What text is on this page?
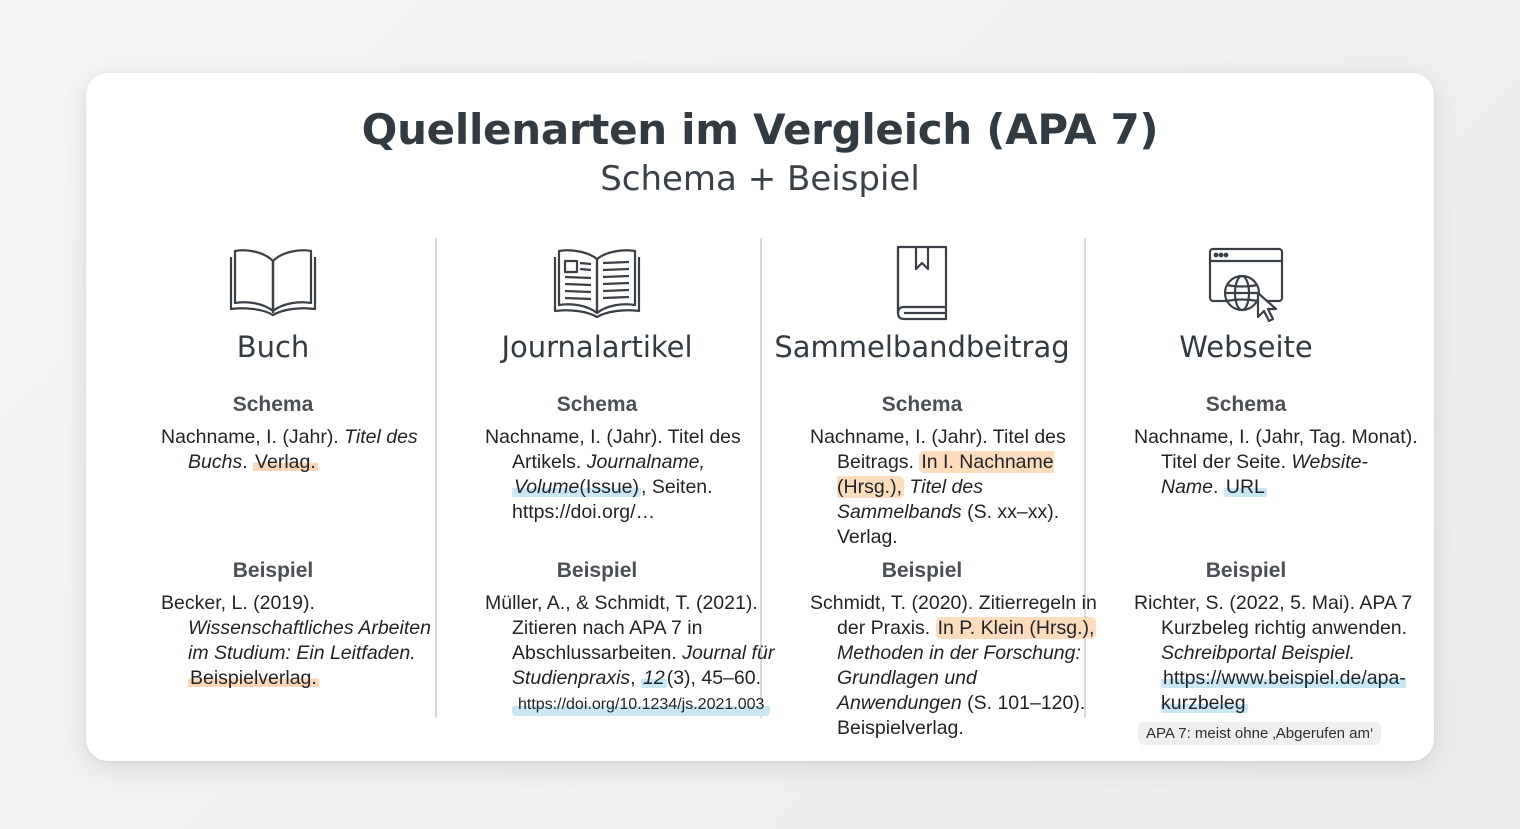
Quellenarten im Vergleich (APA 7)
Schema + Beispiel
Buch
Schema
Nachname, I. (Jahr). Titel des Buchs. Verlag.
Beispiel
Becker, L. (2019). Wissenschaftliches Arbeiten im Studium: Ein Leitfaden. Beispielverlag.
Journalartikel
Schema
Nachname, I. (Jahr). Titel des Artikels. Journalname, Volume(Issue) , Seiten. https://doi.org/…
Beispiel
Müller, A., & Schmidt, T. (2021). Zitieren nach APA 7 in Abschlussarbeiten. Journal für Studienpraxis, 12 (3), 45–60. https://doi.org/10.1234/js.2021.003
Sammelbandbeitrag
Schema
Nachname, I. (Jahr). Titel des Beitrags. In I. Nachname (Hrsg.), Titel des Sammelbands (S. xx–xx). Verlag.
Beispiel
Schmidt, T. (2020). Zitierregeln in der Praxis. In P. Klein (Hrsg.), Methoden in der Forschung: Grundlagen und Anwendungen (S. 101–120). Beispielverlag.
Webseite
Schema
Nachname, I. (Jahr, Tag. Monat). Titel der Seite. Website-Name. URL
Beispiel
Richter, S. (2022, 5. Mai). APA 7 Kurzbeleg richtig anwenden. Schreibportal Beispiel. https://www.beispiel.de/apa-kurzbeleg
APA 7: meist ohne ‚Abgerufen am‘
